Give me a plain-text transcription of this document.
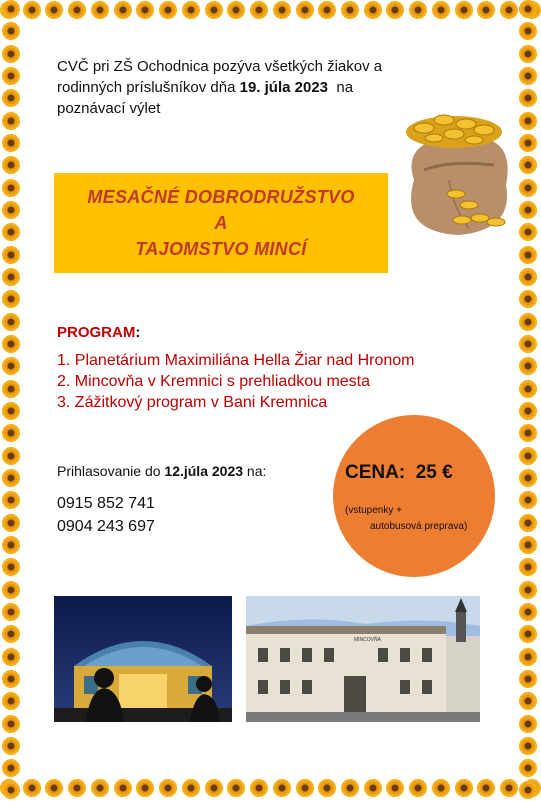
CVČ pri ZŠ Ochodnica pozýva všetkých žiakov a
rodinných príslušníkov dňa 19. júla 2023  na
poznávací výlet
MESAČNÉ DOBRODRUŽSTVO
A
TAJOMSTVO MINCÍ
PROGRAM:
1. Planetárium Maximiliána Hella Žiar nad Hronom
2. Mincovňa v Kremnici s prehliadkou mesta
3. Zážitkový program v Bani Kremnica
Prihlasovanie do 12.júla 2023 na:
0915 852 741
0904 243 697
CENA:  25 €
(vstupenky +
autobusová preprava)
MINCOVŇA
